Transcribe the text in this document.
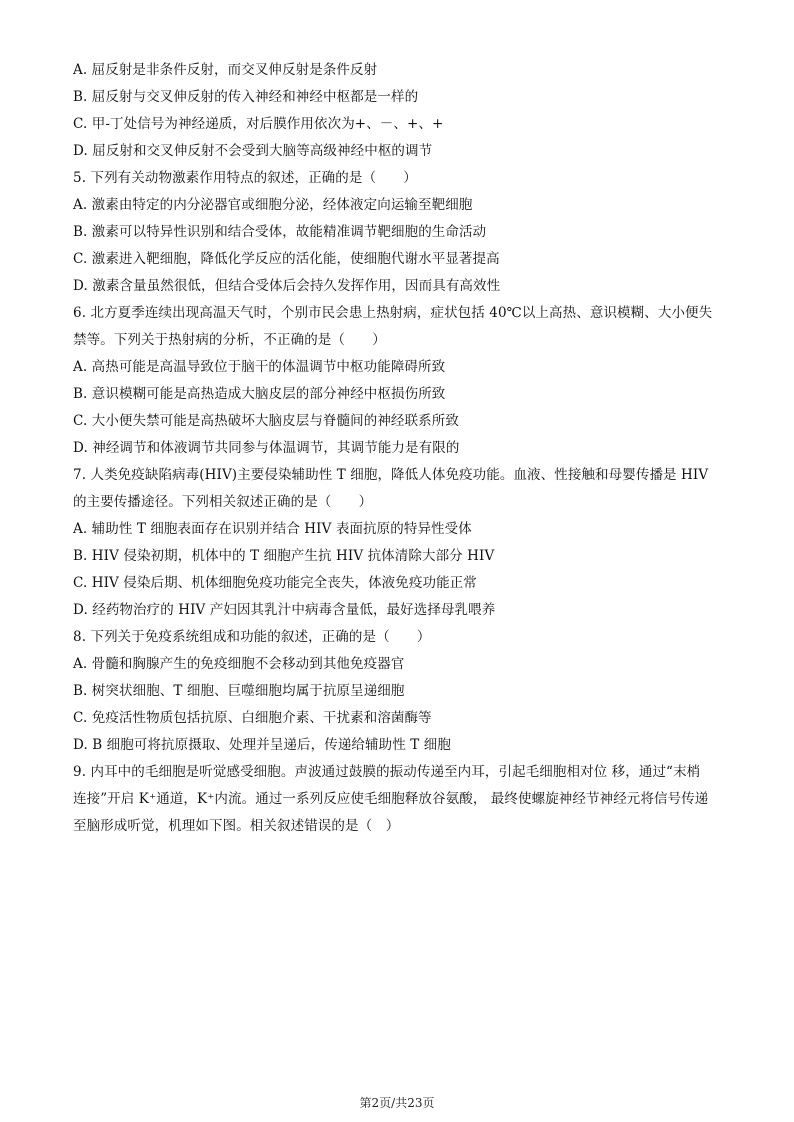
A. 屈反射是非条件反射，而交叉伸反射是条件反射
B. 屈反射与交叉伸反射的传入神经和神经中枢都是一样的
C. 甲-丁处信号为神经递质，对后膜作用依次为+、－、+、+
D. 屈反射和交叉伸反射不会受到大脑等高级神经中枢的调节
5. 下列有关动物激素作用特点的叙述，正确的是（　　）
A. 激素由特定的内分泌器官或细胞分泌，经体液定向运输至靶细胞
B. 激素可以特异性识别和结合受体，故能精准调节靶细胞的生命活动
C. 激素进入靶细胞，降低化学反应的活化能，使细胞代谢水平显著提高
D. 激素含量虽然很低，但结合受体后会持久发挥作用，因而具有高效性
6. 北方夏季连续出现高温天气时，个别市民会患上热射病，症状包括 40℃以上高热、意识模糊、大小便失
禁等。下列关于热射病的分析，不正确的是（　　）
A. 高热可能是高温导致位于脑干的体温调节中枢功能障碍所致
B. 意识模糊可能是高热造成大脑皮层的部分神经中枢损伤所致
C. 大小便失禁可能是高热破坏大脑皮层与脊髓间的神经联系所致
D. 神经调节和体液调节共同参与体温调节，其调节能力是有限的
7. 人类免疫缺陷病毒(HIV)主要侵染辅助性 T 细胞，降低人体免疫功能。血液、性接触和母婴传播是 HIV
的主要传播途径。下列相关叙述正确的是（　　）
A. 辅助性 T 细胞表面存在识别并结合 HIV 表面抗原的特异性受体
B. HIV 侵染初期，机体中的 T 细胞产生抗 HIV 抗体清除大部分 HIV
C. HIV 侵染后期、机体细胞免疫功能完全丧失，体液免疫功能正常
D. 经药物治疗的 HIV 产妇因其乳汁中病毒含量低，最好选择母乳喂养
8. 下列关于免疫系统组成和功能的叙述，正确的是（　　）
A. 骨髓和胸腺产生的免疫细胞不会移动到其他免疫器官
B. 树突状细胞、T 细胞、巨噬细胞均属于抗原呈递细胞
C. 免疫活性物质包括抗原、白细胞介素、干扰素和溶菌酶等
D. B 细胞可将抗原摄取、处理并呈递后，传递给辅助性 T 细胞
9. 内耳中的毛细胞是听觉感受细胞。声波通过鼓膜的振动传递至内耳，引起毛细胞相对位 移，通过“末梢
连接”开启 K⁺通道，K⁺内流。通过一系列反应使毛细胞释放谷氨酸， 最终使螺旋神经节神经元将信号传递
至脑形成听觉，机理如下图。相关叙述错误的是（　）
第2页/共23页
